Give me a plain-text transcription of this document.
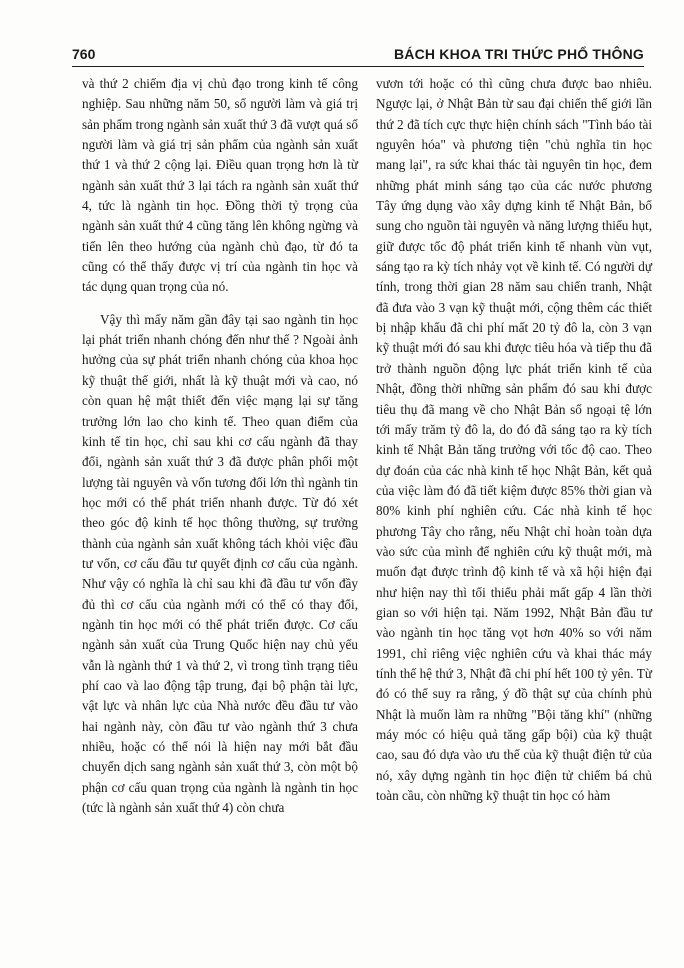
760	BÁCH KHOA TRI THỨC PHỔ THÔNG

và thứ 2 chiếm địa vị chủ đạo trong kinh tế công nghiệp. Sau những năm 50, số người làm và giá trị sản phẩm trong ngành sản xuất thứ 3 đã vượt quá số người làm và giá trị sản phẩm của ngành sản xuất thứ 1 và thứ 2 cộng lại. Điều quan trọng hơn là từ ngành sản xuất thứ 3 lại tách ra ngành sản xuất thứ 4, tức là ngành tin học. Đồng thời tỷ trọng của ngành sản xuất thứ 4 cũng tăng lên không ngừng và tiến lên theo hướng của ngành chủ đạo, từ đó ta cũng có thể thấy được vị trí của ngành tin học và tác dụng quan trọng của nó.

Vậy thì mấy năm gần đây tại sao ngành tin học lại phát triển nhanh chóng đến như thế ? Ngoài ảnh hưởng của sự phát triển nhanh chóng của khoa học kỹ thuật thế giới, nhất là kỹ thuật mới và cao, nó còn quan hệ mật thiết đến việc mạng lại sự tăng trưởng lớn lao cho kinh tế. Theo quan điểm của kinh tế tin học, chỉ sau khi cơ cấu ngành đã thay đổi, ngành sản xuất thứ 3 đã được phân phối một lượng tài nguyên và vốn tương đối lớn thì ngành tin học mới có thể phát triển nhanh được. Từ đó xét theo góc độ kinh tế học thông thường, sự trưởng thành của ngành sản xuất không tách khỏi việc đầu tư vốn, cơ cấu đầu tư quyết định cơ cấu của ngành. Như vậy có nghĩa là chỉ sau khi đã đầu tư vốn đầy đủ thì cơ cấu của ngành mới có thể có thay đổi, ngành tin học mới có thể phát triển được. Cơ cấu ngành sản xuất của Trung Quốc hiện nay chủ yếu vẫn là ngành thứ 1 và thứ 2, vì trong tình trạng tiêu phí cao và lao động tập trung, đại bộ phận tài lực, vật lực và nhân lực của Nhà nước đều đầu tư vào hai ngành này, còn đầu tư vào ngành thứ 3 chưa nhiều, hoặc có thể nói là hiện nay mới bắt đầu chuyển dịch sang ngành sản xuất thứ 3, còn một bộ phận cơ cấu quan trọng của ngành là ngành tin học (tức là ngành sản xuất thứ 4) còn chưa

vươn tới hoặc có thì cũng chưa được bao nhiêu. Ngược lại, ở Nhật Bản từ sau đại chiến thế giới lần thứ 2 đã tích cực thực hiện chính sách "Tình báo tài nguyên hóa" và phương tiện "chủ nghĩa tin học mang lại", ra sức khai thác tài nguyên tin học, đem những phát minh sáng tạo của các nước phương Tây ứng dụng vào xây dựng kinh tế Nhật Bản, bổ sung cho nguồn tài nguyên và năng lượng thiếu hụt, giữ được tốc độ phát triển kinh tế nhanh vùn vụt, sáng tạo ra kỳ tích nhảy vọt về kinh tế. Có người dự tính, trong thời gian 28 năm sau chiến tranh, Nhật đã đưa vào 3 vạn kỹ thuật mới, cộng thêm các thiết bị nhập khẩu đã chi phí mất 20 tỷ đô la, còn 3 vạn kỹ thuật mới đó sau khi được tiêu hóa và tiếp thu đã trở thành nguồn động lực phát triển kinh tế của Nhật, đồng thời những sản phẩm đó sau khi được tiêu thụ đã mang về cho Nhật Bản số ngoại tệ lớn tới mấy trăm tỷ đô la, do đó đã sáng tạo ra kỳ tích kinh tế Nhật Bản tăng trưởng với tốc độ cao. Theo dự đoán của các nhà kinh tế học Nhật Bản, kết quả của việc làm đó đã tiết kiệm được 85% thời gian và 80% kinh phí nghiên cứu. Các nhà kinh tế học phương Tây cho rằng, nếu Nhật chỉ hoàn toàn dựa vào sức của mình để nghiên cứu kỹ thuật mới, mà muốn đạt được trình độ kinh tế và xã hội hiện đại như hiện nay thì tối thiểu phải mất gấp 4 lần thời gian so với hiện tại. Năm 1992, Nhật Bản đầu tư vào ngành tin học tăng vọt hơn 40% so với năm 1991, chỉ riêng việc nghiên cứu và khai thác máy tính thế hệ thứ 3, Nhật đã chi phí hết 100 tỷ yên. Từ đó có thể suy ra rằng, ý đồ thật sự của chính phủ Nhật là muốn làm ra những "Bội tăng khí" (những máy móc có hiệu quả tăng gấp bội) của kỹ thuật cao, sau đó dựa vào ưu thế của kỹ thuật điện tử của nó, xây dựng ngành tin học điện tử chiếm bá chủ toàn cầu, còn những kỹ thuật tin học có hàm
